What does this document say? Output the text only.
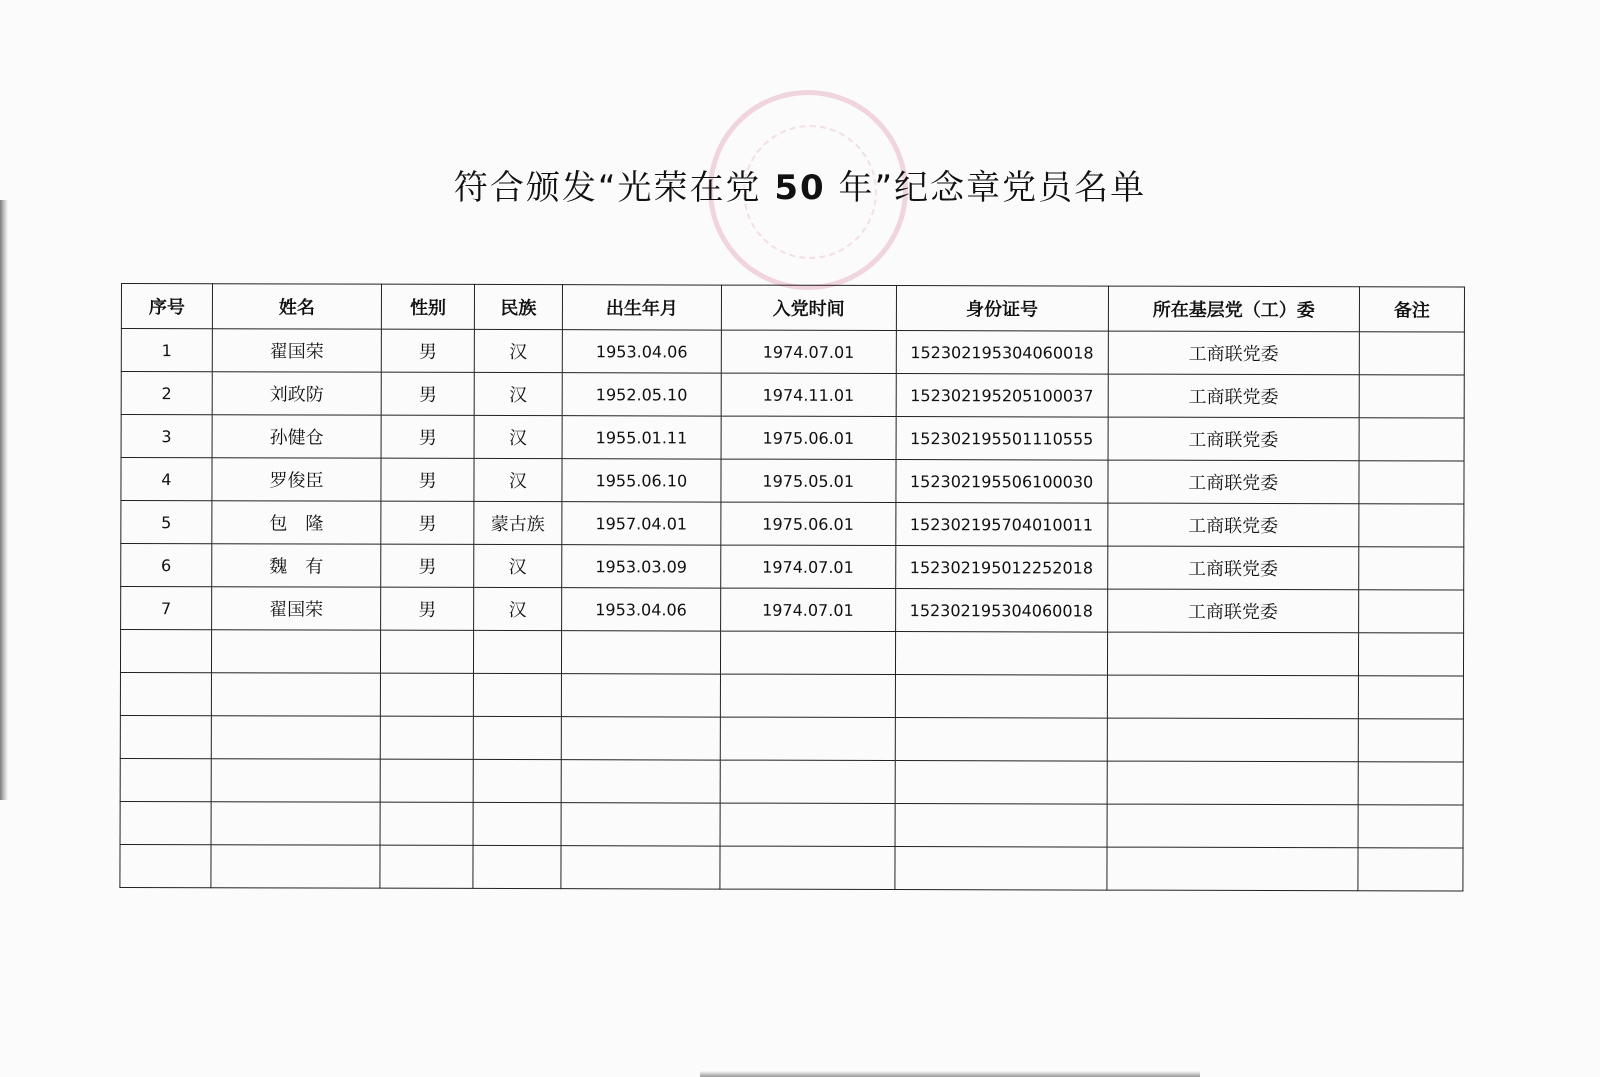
符合颁发“光荣在党 50 年”纪念章党员名单
序号	姓名	性别	民族	出生年月	入党时间	身份证号	所在基层党（工）委	备注
1	翟国荣	男	汉	1953.04.06	1974.07.01	152302195304060018	工商联党委	
2	刘政防	男	汉	1952.05.10	1974.11.01	152302195205100037	工商联党委	
3	孙健仓	男	汉	1955.01.11	1975.06.01	152302195501110555	工商联党委	
4	罗俊臣	男	汉	1955.06.10	1975.05.01	152302195506100030	工商联党委	
5	包　隆	男	蒙古族	1957.04.01	1975.06.01	152302195704010011	工商联党委	
6	魏　有	男	汉	1953.03.09	1974.07.01	152302195012252018	工商联党委	
7	翟国荣	男	汉	1953.04.06	1974.07.01	152302195304060018	工商联党委	
